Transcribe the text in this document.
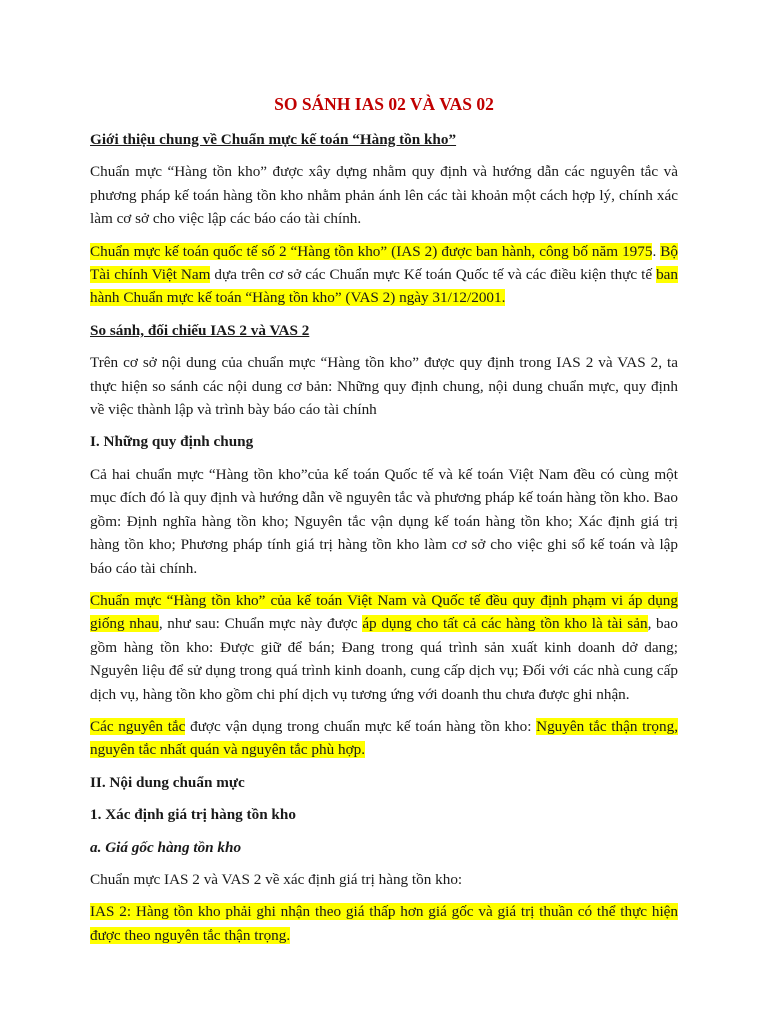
SO SÁNH IAS 02 VÀ VAS 02
Giới thiệu chung về Chuẩn mực kế toán “Hàng tồn kho”

Chuẩn mực “Hàng tồn kho” được xây dựng nhằm quy định và hướng dẫn các nguyên tắc và phương pháp kế toán hàng tồn kho nhằm phản ánh lên các tài khoản một cách hợp lý, chính xác làm cơ sở cho việc lập các báo cáo tài chính.

Chuẩn mực kế toán quốc tế số 2 “Hàng tồn kho” (IAS 2) được ban hành, công bố năm 1975. Bộ Tài chính Việt Nam dựa trên cơ sở các Chuẩn mực Kế toán Quốc tế và các điều kiện thực tế ban hành Chuẩn mực kế toán “Hàng tồn kho” (VAS 2) ngày 31/12/2001.

So sánh, đối chiếu IAS 2 và VAS 2

Trên cơ sở nội dung của chuẩn mực “Hàng tồn kho” được quy định trong IAS 2 và VAS 2, ta thực hiện so sánh các nội dung cơ bản: Những quy định chung, nội dung chuẩn mực, quy định về việc thành lập và trình bày báo cáo tài chính

I. Những quy định chung

Cả hai chuẩn mực “Hàng tồn kho”của kế toán Quốc tế và kế toán Việt Nam đều có cùng một mục đích đó là quy định và hướng dẫn về nguyên tắc và phương pháp kế toán hàng tồn kho. Bao gồm: Định nghĩa hàng tồn kho; Nguyên tắc vận dụng kế toán hàng tồn kho; Xác định giá trị hàng tồn kho; Phương pháp tính giá trị hàng tồn kho làm cơ sở cho việc ghi sổ kế toán và lập báo cáo tài chính.

Chuẩn mực “Hàng tồn kho” của kế toán Việt Nam và Quốc tế đều quy định phạm vi áp dụng giống nhau, như sau: Chuẩn mực này được áp dụng cho tất cả các hàng tồn kho là tài sản, bao gồm hàng tồn kho: Được giữ để bán; Đang trong quá trình sản xuất kinh doanh dở dang; Nguyên liệu để sử dụng trong quá trình kinh doanh, cung cấp dịch vụ; Đối với các nhà cung cấp dịch vụ, hàng tồn kho gồm chi phí dịch vụ tương ứng với doanh thu chưa được ghi nhận.

Các nguyên tắc được vận dụng trong chuẩn mực kế toán hàng tồn kho: Nguyên tắc thận trọng, nguyên tắc nhất quán và nguyên tắc phù hợp.

II. Nội dung chuẩn mực
1. Xác định giá trị hàng tồn kho
a. Giá gốc hàng tồn kho

Chuẩn mực IAS 2 và VAS 2 về xác định giá trị hàng tồn kho:

IAS 2: Hàng tồn kho phải ghi nhận theo giá thấp hơn giá gốc và giá trị thuần có thể thực hiện được theo nguyên tắc thận trọng.
